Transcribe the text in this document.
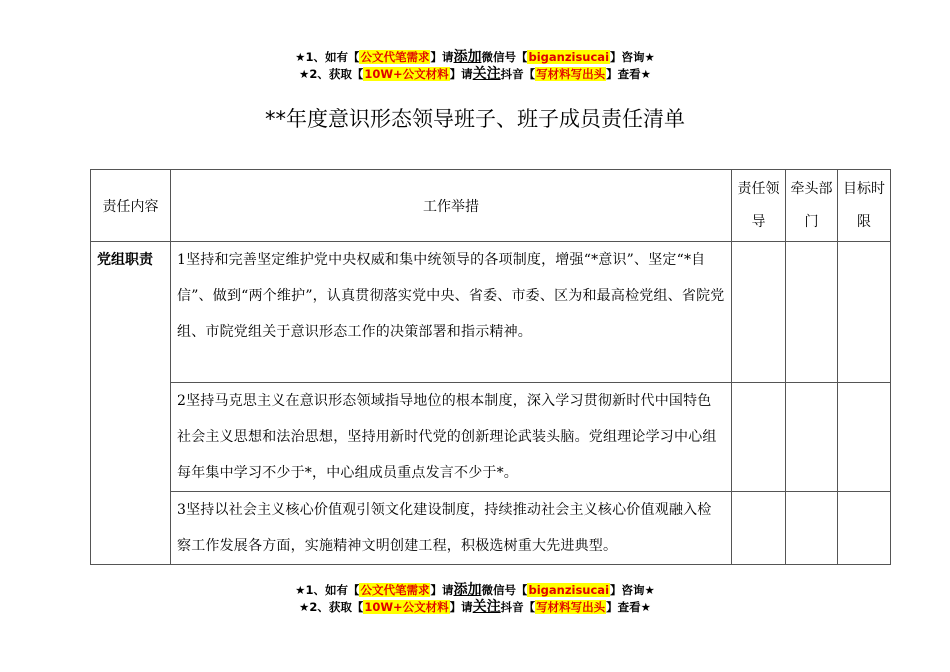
★1、如有【公文代笔需求】请添加微信号【biganzisucai】咨询★
★2、获取【10W+公文材料】请关注抖音【写材料写出头】查看★
**年度意识形态领导班子、班子成员责任清单
责任内容	工作举措	责任领导	牵头部门	目标时限
党组职责	1坚持和完善坚定维护党中央权威和集中统领导的各项制度，增强“*意识”、坚定“*自信”、做到“两个维护”，认真贯彻落实党中央、省委、市委、区为和最高检党组、省院党组、市院党组关于意识形态工作的决策部署和指示精神。			
	2坚持马克思主义在意识形态领域指导地位的根本制度，深入学习贯彻新时代中国特色社会主义思想和法治思想，坚持用新时代党的创新理论武装头脑。党组理论学习中心组每年集中学习不少于*，中心组成员重点发言不少于*。			
	3坚持以社会主义核心价值观引领文化建设制度，持续推动社会主义核心价值观融入检察工作发展各方面，实施精神文明创建工程，积极选树重大先进典型。			
★1、如有【公文代笔需求】请添加微信号【biganzisucai】咨询★
★2、获取【10W+公文材料】请关注抖音【写材料写出头】查看★
